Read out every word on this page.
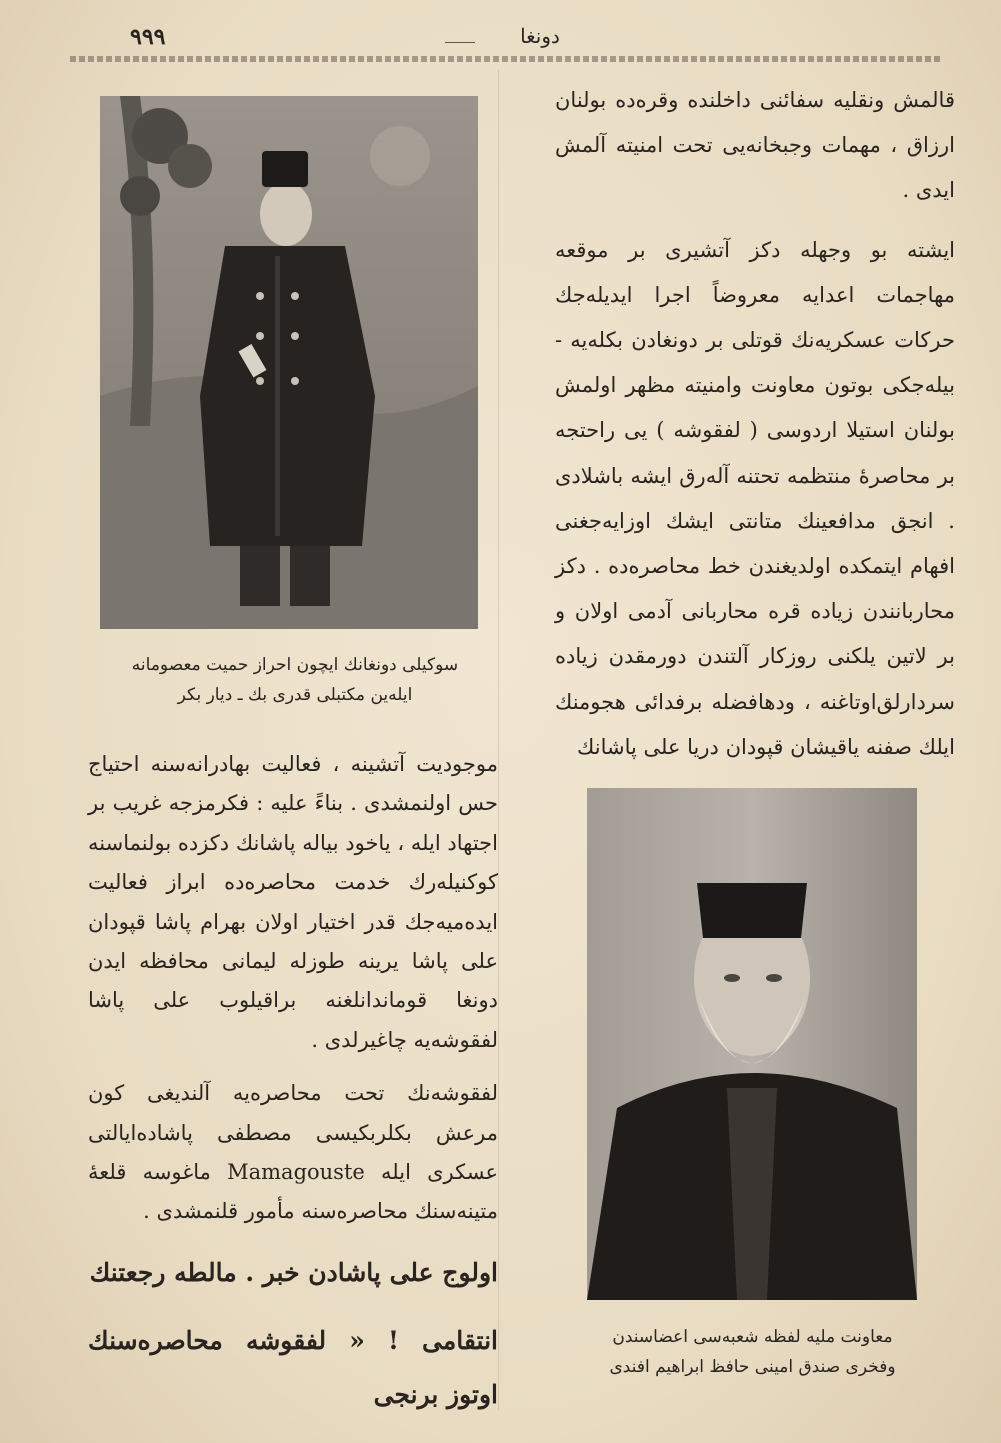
٩٩٩	دونغا
سوکیلی دونغانك ایچون احراز حمیت معصومانه
ایله‌ین مکتبلی قدری بك ـ دیار بکر

قالمش ونقلیه سفائنی داخلنده وقره‌ده بولنان ارزاق ، مهمات وجبخانه‌یی تحت امنیته آلمش ایدی .

ایشته بو وجهله دکز آتشیری بر موقعه مهاجمات اعدایه معروضاً اجرا ایدیله‌جك حرکات عسکریه‌نك قوتلی بر دونغادن بکله‌یه ‐ بیله‌جکی بوتون معاونت وامنیته مظهر اولمش بولنان استیلا اردوسی ( لفقوشه ) یی راحتجه بر محاصرهٔ منتظمه تحتنه آله‌رق ایشه باشلادی . انجق مدافعینك متانتی ایشك اوزایه‌جغنی افهام ایتمکده اولدیغندن خط محاصره‌ده . دکز محاربانندن زیاده قره محاربانی آدمی اولان و بر لاتین یلکنی روزکار آلتندن دورمقدن زیاده سردارلق‌اوتاغنه ، ودهافضله برفدائی هجومنك ایلك صفنه یاقیشان قپودان دریا علی پاشانك

معاونت ملیه لفظه شعبه‌سی اعضاسندن
وفخری صندق امینی حافظ ابراهیم افندی

موجودیت آتشینه ، فعالیت بهادرانه‌سنه احتیاج حس اولنمشدی . بناءً علیه : فکرمزجه غریب بر اجتهاد ایله ، یاخود بیاله پاشانك دکزده بولنماسنه کوکنیله‌رك خدمت محاصره‌ده ابراز فعالیت ایده‌میه‌جك قدر اختیار اولان بهرام پاشا قپودان علی پاشا یرینه طوزله لیمانی محافظه ایدن دونغا قوماندانلغنه براقیلوب علی پاشا لفقوشه‌یه چاغیرلدی .

لفقوشه‌نك تحت محاصره‌یه آلندیغی کون مرعش بکلربکیسی مصطفی پاشاده‌ایالتی عسکری ایله Mamagouste ماغوسه قلعهٔ متینه‌سنك محاصره‌سنه مأمور قلنمشدی .

اولوج علی پاشادن خبر . مالطه رجعتنك

انتقامی ! « لفقوشه محاصره‌سنك اوتوز برنجی
